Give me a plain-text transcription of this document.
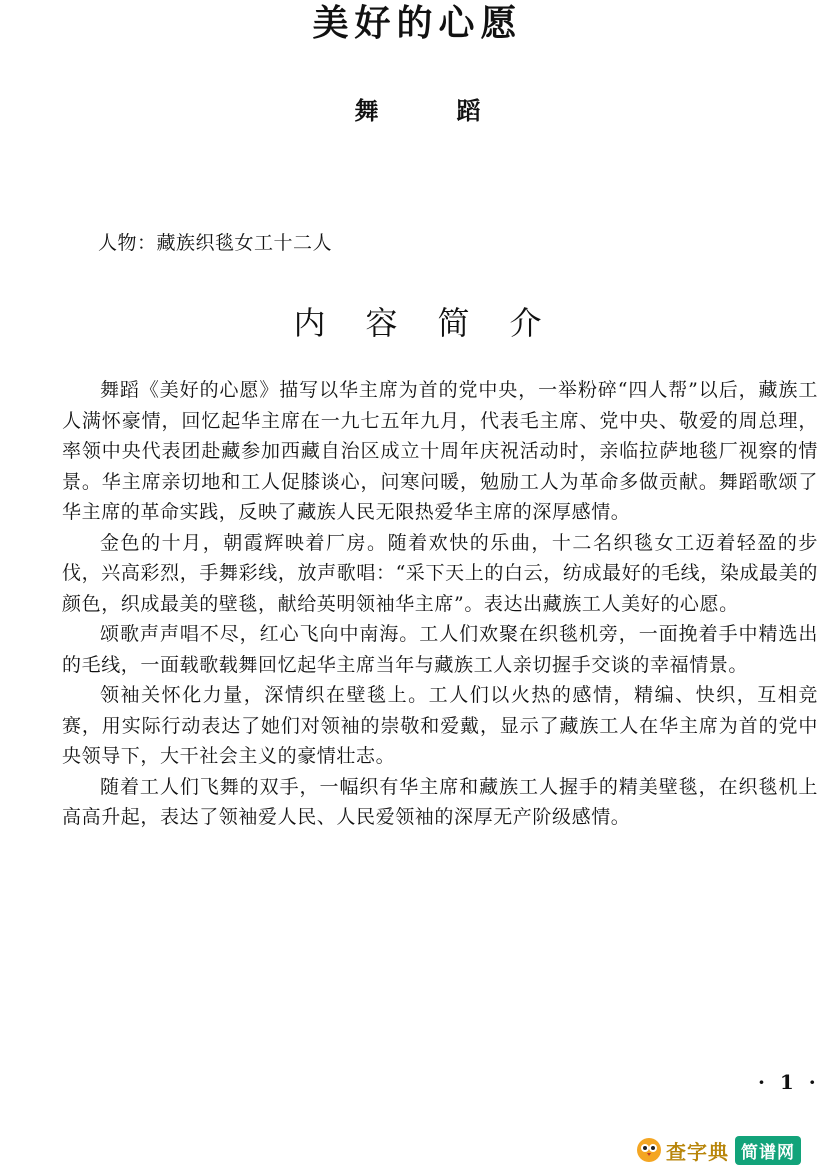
美好的心愿
舞	蹈
人物：藏族织毯女工十二人
内容简介

舞蹈《美好的心愿》描写以华主席为首的党中央，一举粉碎“四人帮”以后，藏族工人满怀豪情，回忆起华主席在一九七五年九月，代表毛主席、党中央、敬爱的周总理，率领中央代表团赴藏参加西藏自治区成立十周年庆祝活动时，亲临拉萨地毯厂视察的情景。华主席亲切地和工人促膝谈心，问寒问暖，勉励工人为革命多做贡献。舞蹈歌颂了华主席的革命实践，反映了藏族人民无限热爱华主席的深厚感情。

金色的十月，朝霞辉映着厂房。随着欢快的乐曲，十二名织毯女工迈着轻盈的步伐，兴高彩烈，手舞彩线，放声歌唱：“采下天上的白云，纺成最好的毛线，染成最美的颜色，织成最美的壁毯，献给英明领袖华主席”。表达出藏族工人美好的心愿。

颂歌声声唱不尽，红心飞向中南海。工人们欢聚在织毯机旁，一面挽着手中精选出的毛线，一面载歌载舞回忆起华主席当年与藏族工人亲切握手交谈的幸福情景。

领袖关怀化力量，深情织在壁毯上。工人们以火热的感情，精编、快织，互相竞赛，用实际行动表达了她们对领袖的崇敬和爱戴，显示了藏族工人在华主席为首的党中央领导下，大干社会主义的豪情壮志。

随着工人们飞舞的双手，一幅织有华主席和藏族工人握手的精美壁毯，在织毯机上高高升起，表达了领袖爱人民、人民爱领袖的深厚无产阶级感情。

· 1 ·
查字典 简谱网
